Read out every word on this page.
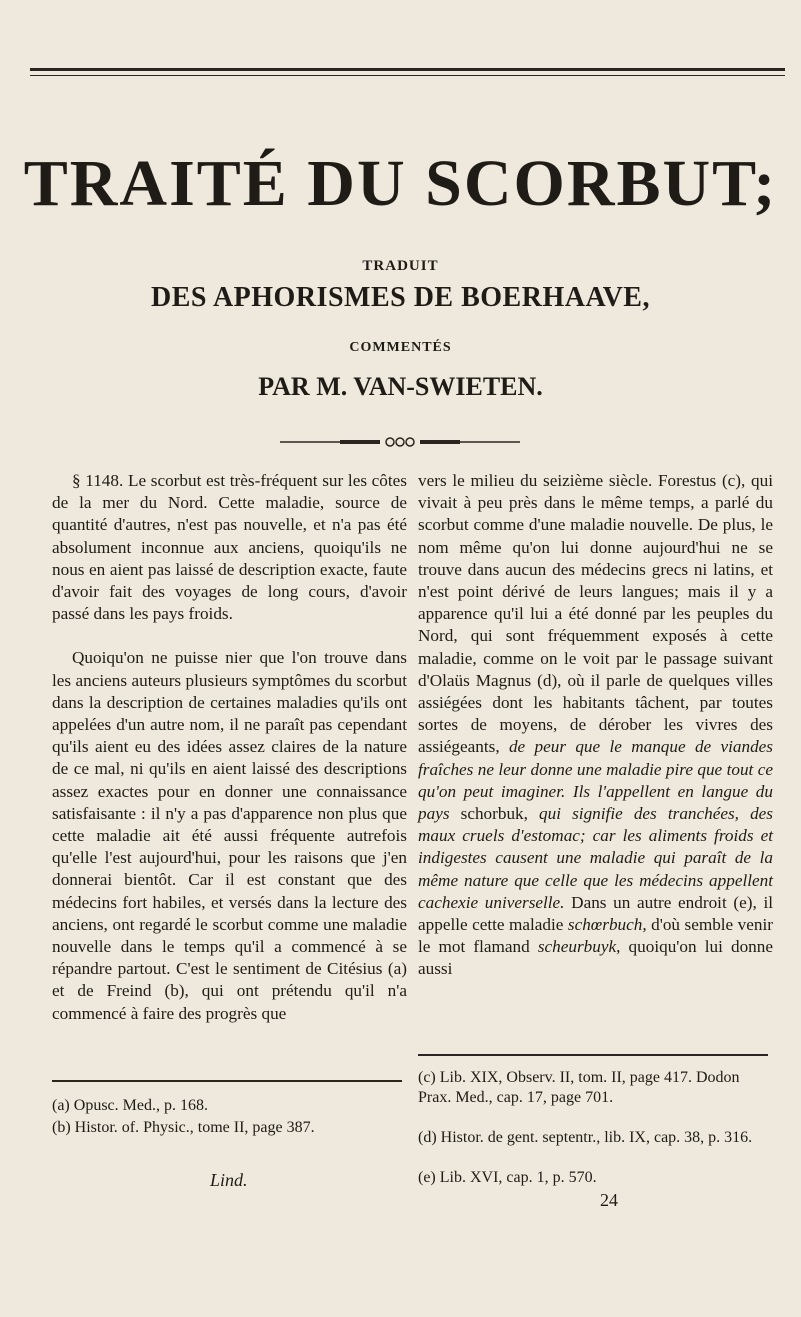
TRAITÉ DU SCORBUT;
TRADUIT
DES APHORISMES DE BOERHAAVE,
COMMENTÉS
PAR M. VAN-SWIETEN.

§ 1148. Le scorbut est très-fréquent sur les côtes de la mer du Nord. Cette maladie, source de quantité d'autres, n'est pas nouvelle, et n'a pas été absolument inconnue aux anciens, quoiqu'ils ne nous en aient pas laissé de description exacte, faute d'avoir fait des voyages de long cours, d'avoir passé dans les pays froids.

Quoiqu'on ne puisse nier que l'on trouve dans les anciens auteurs plusieurs symptômes du scorbut dans la description de certaines maladies qu'ils ont appelées d'un autre nom, il ne paraît pas cependant qu'ils aient eu des idées assez claires de la nature de ce mal, ni qu'ils en aient laissé des descriptions assez exactes pour en donner une connaissance satisfaisante : il n'y a pas d'apparence non plus que cette maladie ait été aussi fréquente autrefois qu'elle l'est aujourd'hui, pour les raisons que j'en donnerai bientôt. Car il est constant que des médecins fort habiles, et versés dans la lecture des anciens, ont regardé le scorbut comme une maladie nouvelle dans le temps qu'il a commencé à se répandre partout. C'est le sentiment de Citésius (a) et de Freind (b), qui ont prétendu qu'il n'a commencé à faire des progrès que

(a) Opusc. Med., p. 168.
(b) Histor. of. Physic., tome II, page 387.
Lind.

vers le milieu du seizième siècle. Forestus (c), qui vivait à peu près dans le même temps, a parlé du scorbut comme d'une maladie nouvelle. De plus, le nom même qu'on lui donne aujourd'hui ne se trouve dans aucun des médecins grecs ni latins, et n'est point dérivé de leurs langues; mais il y a apparence qu'il lui a été donné par les peuples du Nord, qui sont fréquemment exposés à cette maladie, comme on le voit par le passage suivant d'Olaüs Magnus (d), où il parle de quelques villes assiégées dont les habitants tâchent, par toutes sortes de moyens, de dérober les vivres des assiégeants, de peur que le manque de viandes fraîches ne leur donne une maladie pire que tout ce qu'on peut imaginer. Ils l'appellent en langue du pays schorbuk, qui signifie des tranchées, des maux cruels d'estomac; car les aliments froids et indigestes causent une maladie qui paraît de la même nature que celle que les médecins appellent cachexie universelle. Dans un autre endroit (e), il appelle cette maladie schœrbuch, d'où semble venir le mot flamand scheurbuyk, quoiqu'on lui donne aussi

(c) Lib. XIX, Observ. II, tom. II, page 417. Dodon Prax. Med., cap. 17, page 701.
(d) Histor. de gent. septentr., lib. IX, cap. 38, p. 316.
(e) Lib. XVI, cap. 1, p. 570.
24
